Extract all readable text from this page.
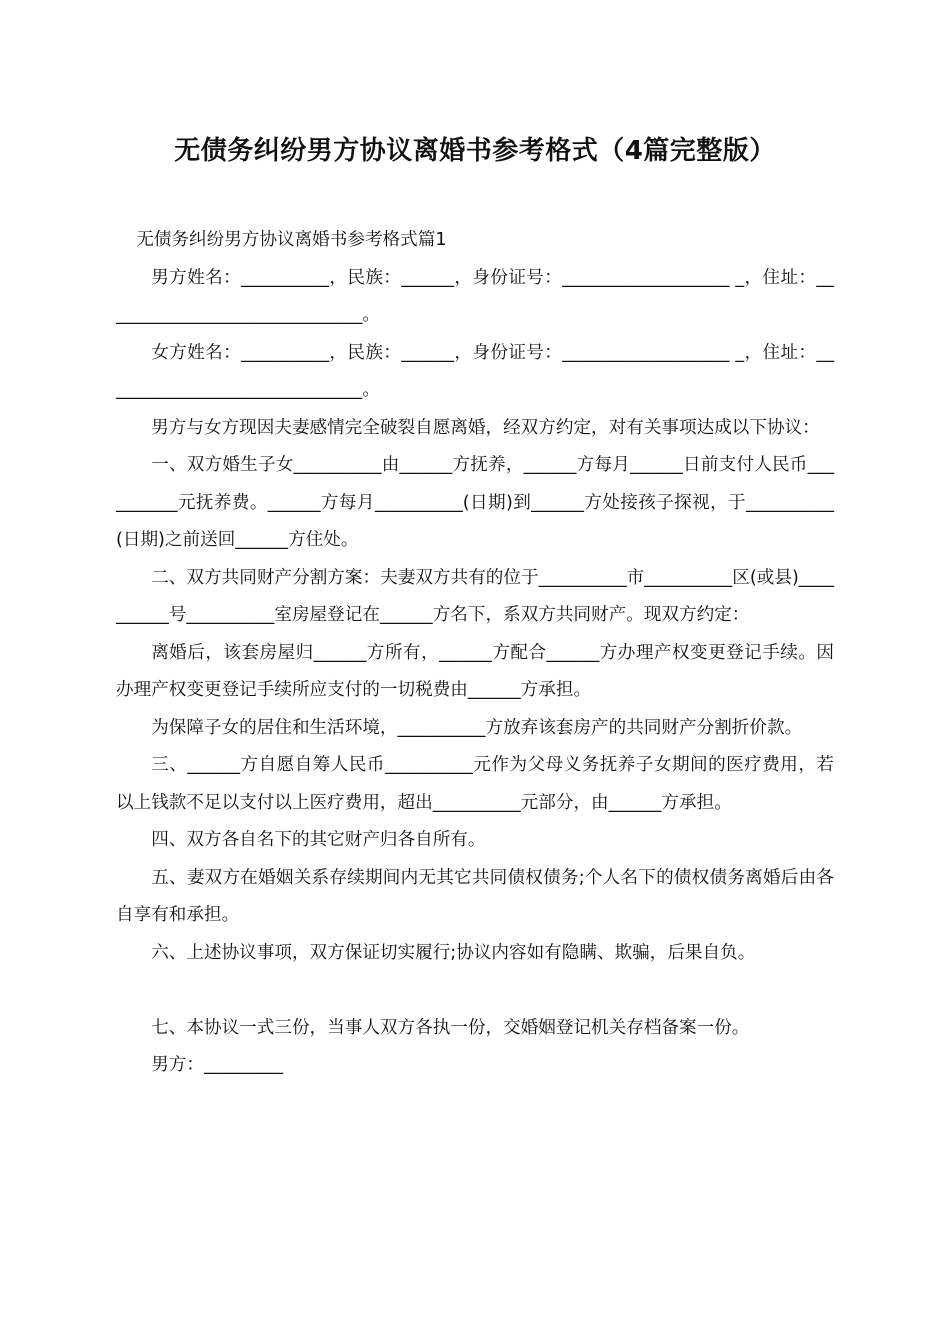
无债务纠纷男方协议离婚书参考格式（4篇完整版）

无债务纠纷男方协议离婚书参考格式篇1

男方姓名：__________，民族：______，身份证号：___________________ _，住址：______________________________。

女方姓名：__________，民族：______，身份证号：___________________ _，住址：______________________________。

男方与女方现因夫妻感情完全破裂自愿离婚，经双方约定，对有关事项达成以下协议：

一、双方婚生子女__________由______方抚养，______方每月______日前支付人民币__________元抚养费。______方每月__________(日期)到______方处接孩子探视，于__________(日期)之前送回______方住处。

二、双方共同财产分割方案：夫妻双方共有的位于__________市__________区(或县)__________号__________室房屋登记在______方名下，系双方共同财产。现双方约定：

离婚后，该套房屋归______方所有，______方配合______方办理产权变更登记手续。因办理产权变更登记手续所应支付的一切税费由______方承担。

为保障子女的居住和生活环境，__________方放弃该套房产的共同财产分割折价款。

三、______方自愿自筹人民币__________元作为父母义务抚养子女期间的医疗费用，若以上钱款不足以支付以上医疗费用，超出__________元部分，由______方承担。

四、双方各自名下的其它财产归各自所有。

五、妻双方在婚姻关系存续期间内无其它共同债权债务;个人名下的债权债务离婚后由各自享有和承担。

六、上述协议事项，双方保证切实履行;协议内容如有隐瞒、欺骗，后果自负。

七、本协议一式三份，当事人双方各执一份，交婚姻登记机关存档备案一份。

男方：_________
